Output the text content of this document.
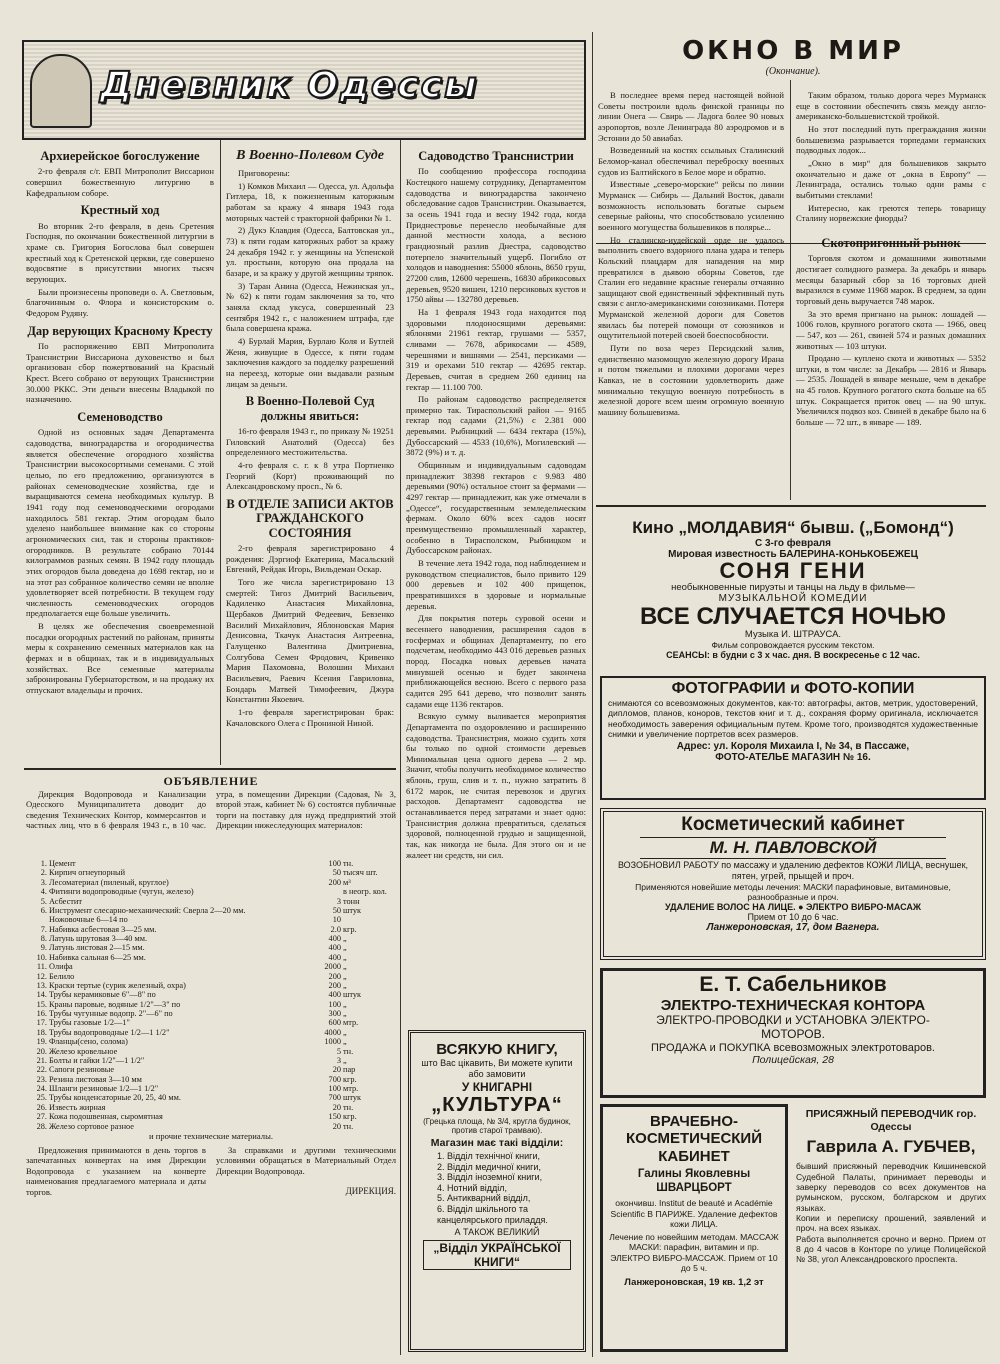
Дневник Одессы
Архиерейское богослужение
2-го февраля с/г. ЕВП Митрополит Виссарион совершил божественную литургию в Кафедральном соборе.
Крестный ход
Во вторник 2-го февраля, в день Сретения Господня, по окончании божественной литургии в храме св. Григория Богослова был совершен крестный ход к Сретенской церкви, где совершено водосвятие в присутствии многих тысяч верующих.
Были произнесены проповеди о. А. Светловым, благочинным о. Флора и консисторским о. Федором Рудяну.
Дар верующих Красному Кресту
По распоряжению ЕВП Митрополита Транснистрии Виссариона духовенство и был организован сбор пожертвований на Красный Крест. Всего собрано от верующих Транснистрии 30.000 РККС. Эти деньги внесены Владыкой по назначению.
Семеноводство
Одной из основных задач Департамента садоводства, виноградарства и огородничества является обеспечение огородного хозяйства Транснистрии высокосортными семенами. С этой целью, по его предложению, организуются в районах семеноводческие хозяйства, где и выращиваются семена необходимых культур. В 1941 году под семеноводческими огородами находилось 581 гектар. Этим огородам было уделено наибольшее внимание как со стороны агрономических сил, так и стороны практиков-огородников. В результате собрано 70144 килограммов разных семян. В 1942 году площадь этих огородов была доведена до 1698 гектар, но и на этот раз собранное количество семян не вполне удовлетворяет всей потребности. В текущем году численность семеноводческих огородов предполагается еще больше увеличить.
В целях же обеспечения своевременной посадки огородных растений по районам, приняты меры к сохранению семенных материалов как на фермах и в общинах, так и в индивидуальных хозяйствах. Все семенные материалы забронированы Губернаторством, и на продажу их отпускают владельцы и прочих.
В Военно-Полевом Суде
Приговорены:
1) Комков Михаил — Одесса, ул. Адольфа Гитлера, 18, к пожизненным каторжным работам за кражу 4 января 1943 года моторных частей с тракторной фабрики № 1.
2) Дукэ Клавдия (Одесса, Балтовская ул., 73) к пяти годам каторжных работ за кражу 24 декабря 1942 г. у женщины на Успенской ул. простыни, которую она продала на базаре, и за кражу у другой женщины тряпок.
3) Таран Анина (Одесса, Нежинская ул., № 62) к пяти годам заключения за то, что заняла склад уксуса, совершенный 23 сентября 1942 г., с наложением штрафа, где была совершена кража.
4) Бурлай Мария, Бурлаю Коля и Бутлей Женя, живущие в Одессе, к пяти годам заключения каждого за подделку разрешений на переезд, которые они выдавали разным лицам за деньги.
В Военно-Полевой Суд должны явиться:
16-го февраля 1943 г., по приказу № 19251 Гиловский Анатолий (Одесса) без определенного местожительства.
4-го февраля с. г. к 8 утра Портненко Георгий (Корт) проживающий по Александровскому просп., № 6.
В ОТДЕЛЕ ЗАПИСИ АКТОВ ГРАЖДАНСКОГО СОСТОЯНИЯ
2-го февраля зарегистрировано 4 рождения: Дэргиоф Екатерина, Масальский Евгений, Рейдак Игорь, Вильдеман Оскар.
Того же числа зарегистрировано 13 смертей: Тигоз Дмитрий Васильевич, Кадиленко Анастасия Михайловна, Щербаков Дмитрий Федеевич, Бевзенко Василий Михайлович, Яблоновская Мария Денисовна, Ткачук Анастасия Антреевна, Галущенко Валентина Дмитриевна, Солгубова Семен Фродович, Кривенко Мария Пахомовна, Волошин Михаил Васильевич, Раевич Ксения Гавриловна, Бондарь Матвей Тимофеевич, Джура Константин Якоевич.
1-го февраля зарегистрирован брак: Качаловского Олега с Прониной Ниной.
Садоводство Транснистрии
По сообщению профессора господина Костецкого нашему сотруднику, Департаментом садоводства и виноградарства закончено обследование садов Транснистрии. Оказывается, за осень 1941 года и весну 1942 года, когда Приднестровье перенесло необычайные для данной местности холода, а весною грандиозный разлив Днестра, садоводство потерпело значительный ущерб. Погибло от холодов и наводнения: 55000 яблонь, 8650 груш, 27200 слив, 12600 черешень, 16830 абрикосовых деревьев, 9520 вишен, 1210 персиковых кустов и 1750 айвы — 132780 деревьев.
На 1 февраля 1943 года находится под здоровыми плодоносящими деревьями: яблонями 21961 гектар, грушами — 5357, сливами — 7678, абрикосами — 4589, черешнями и вишнями — 2541, персиками — 319 и орехами 510 гектар — 42695 гектар. Деревьев, считая в среднем 260 единиц на гектар — 11.100 700.
По районам садоводство распределяется примерно так. Тираспольский район — 9165 гектар под садами (21,5%) с 2.381 000 деревьями. Рыбницкий — 6434 гектара (15%), Дубоссарский — 4533 (10,6%), Могилевский — 3872 (9%) и т. д.
Общинным и индивидуальным садоводам принадлежит 38398 гектаров с 9.983 480 деревьями (90%) остальное стоит за фермами — 4297 гектар — принадлежит, как уже отмечали в „Одессе“, государственным земледельческим фермам. Около 60% всех садов носят преимущественно промышленный характер, особенно в Тирасполском, Рыбницком и Дубоссарском районах.
В течение лета 1942 года, под наблюдением и руководством специалистов, было привито 129 000 деревьев и 102 400 прищепок, превратившихся в здоровые и нормальные деревья.
Для покрытия потерь суровой осени и весеннего наводнения, расширения садов в госфермах и общинах Департаменту, по его подсчетам, необходимо 443 016 деревьев разных пород. Посадка новых деревьев начата минувшей осенью и будет закончена приближающейся весною. Всего с первого раза садится 295 641 дерево, что позволит занять садами еще 1136 гектаров.
Всякую сумму выливается мероприятия Департамента по оздоровлению и расширению садоводства. Транснистрия, можно судить хотя бы только по одной стоимости деревьев Минимальная цена одного дерева — 2 мр. Значит, чтобы получить необходимое количество яблонь, груш, слив и т. п., нужно затратить 8 6172 марок, не считая перевозок и других расходов. Департамент садоводства не останавливается перед затратами и знает одно: Транснистрия должна превратиться, сделаться здоровой, полноценной грудью и защищенной, так, как никогда не была. Для этого он и не жалеет ни средств, ни сил.
ВСЯКУЮ КНИГУ,
што Вас цікавить, Ви можете купити або замовити
У КНИГАРНІ
„КУЛЬТУРА“
(Грецька площа, № 3/4, кругла будинок, против старої трамваю).
Магазин має такі відділи:
1. Відділ технічної книги,
2. Відділ медичної книги,
3. Відділ іноземної книги,
4. Нотний відділ,
5. Антикварний відділ,
6. Відділ шкільного та канцелярського приладдя.
А ТАКОЖ ВЕЛИКИЙ
„Відділ УКРАЇНСЬКОЇ КНИГИ“
ОКНО В МИР
(Окончание).
В последнее время перед настоящей войной Советы построили вдоль финской границы по линии Онега — Свирь — Ладога более 90 новых аэропортов, возле Ленинграда 80 аэродромов и в Эстонии до 50 авиабаз.
Возведенный на костях ссыльных Сталинский Беломор-канал обеспечивал переброску военных судов из Балтийского в Белое море и обратно.
Известные „северо-морские“ рейсы по линии Мурманск — Сибирь — Дальний Восток, давали возможность использовать богатые сырьем северные районы, что способствовало усилению военного могущества большевиков в полярье...
Но сталинско-иудейской орде не удалось выполнить своего вздорного плана удара и теперь Кольский плацдарм для нападения на мир превратился в дьявою оборны Советов, где Сталин его недавние красные генералы отчаянно защищают свой единственный эффективный путь связи с англо-американскими союзниками. Потеря Мурманской железной дороги для Советов явилась бы потерей помощи от союзников и ощутительной потерей своей боеспособности.
Пути по воза через Персидский залив, единственно мазомощую железную дорогу Ирана и потом тяжелыми и плохими дорогами через Кавказ, не в состоянии удовлетворить даже минимально текущую военную потребность в железной дороге всем шеим огромную военную машину большевизма.
Таким образом, только дорога через Мурманск еще в состоянии обеспечить связь между англо-американско-большевистской тройкой.
Но этот последний путь преграждания жизни большевизма разрывается торпедами германских подводных лодок...
„Окно в мир“ для большевиков закрыто окончательно и даже от „окна в Европу“ — Ленинграда, остались только одни рамы с выбитыми стеклами!
Интересно, как греются теперь товарищу Сталину норвежские фиорды?
Скотопригонный рынок
Торговля скотом и домашними животными достигает солидного размера. За декабрь и январь месяцы базарный сбор за 16 торговых дней выразился в сумме 11968 марок. В среднем, за один торговый день выручается 748 марок.
За это время пригнано на рынок: лошадей — 1006 голов, крупного рогатого скота — 1966, овец — 547, коз — 261, свиней 574 и разных домашних животных — 103 штуки.
Продано — куплено скота и животных — 5352 штуки, в том числе: за Декабрь — 2816 и Январь — 2535. Лошадей в январе меньше, чем в декабре на 45 голов. Крупного рогатого скота больше на 65 штук. Сокращается приток овец — на 90 штук. Увеличился подвоз коз. Свиней в декабре было на 6 больше — 72 шт., в январе — 189.
Кино „МОЛДАВИЯ“ бывш. („Бомонд“)
С 3-го февраля
Мировая известность БАЛЕРИНА-КОНЬКОБЕЖЕЦ
СОНЯ ГЕНИ
необыкновенные пируэты и танцы на льду в фильме—
МУЗЫКАЛЬНОЙ КОМЕДИИ
ВСЕ СЛУЧАЕТСЯ НОЧЬЮ
Музыка И. ШТРАУСА.
Фильм сопровождается русским текстом.
СЕАНСЫ: в будни с 3 х час. дня. В воскресенье с 12 час.
ФОТОГРАФИИ и ФОТО-КОПИИ
снимаются со всевозможных документов, как-то: автографы, актов, метрик, удостоверений, дипломов, планов, коноров, текстов книг и т. д., сохраняя форму оригинала, исключается необходимость заверения официальным путем. Кроме того, производятся художественные снимки и увеличение портретов всех размеров.
Адрес: ул. Короля Михаила I, № 34, в Пассаже,
ФОТО-АТЕЛЬЕ МАГАЗИН № 16.
Косметический кабинет
М. Н. ПАВЛОВСКОЙ
ВОЗОБНОВИЛ РАБОТУ по массажу и удалению дефектов КОЖИ ЛИЦА, веснушек, пятен, угрей, прыщей и проч.
Применяются новейшие методы лечения: МАСКИ парафиновые, витаминовые, разнообразные и проч.
УДАЛЕНИЕ ВОЛОС НА ЛИЦЕ. ● ЭЛЕКТРО ВИБРО-МАСАЖ
Прием от 10 до 6 час.
Ланжероновская, 17, дом Вагнера.
Е. Т. Сабельников
ЭЛЕКТРО-ТЕХНИЧЕСКАЯ КОНТОРА
ЭЛЕКТРО-ПРОВОДКИ и УСТАНОВКА ЭЛЕКТРО-МОТОРОВ.
ПРОДАЖА и ПОКУПКА всевозможных электротоваров.
Полицейская, 28
ВРАЧЕБНО-КОСМЕТИЧЕСКИЙ КАБИНЕТ
Галины Яковлевны ШВАРЦБОРТ
окончивш. Institut de beauté и Académie Scientific В ПАРИЖЕ. Удаление дефектов кожи ЛИЦА.
Лечение по новейшим методам. МАССАЖ МАСКИ: парафин, витамин и пр. ЭЛЕКТРО ВИБРО-МАССАЖ. Прием от 10 до 5 ч.
Ланжероновская, 19 кв. 1,2 эт
ПРИСЯЖНЫЙ ПЕРЕВОДЧИК гор. Одессы
Гаврила А. ГУБЧЕВ,
бывший присяжный переводчик Кишиневской Судебной Палаты, принимает переводы и заверку переводов со всех документов на румынском, русском, болгарском и других языках.
Копии и переписку прошений, заявлений и проч. на всех языках.
Работа выполняется срочно и верно. Прием от 8 до 4 часов в Конторе по улице Полицейской № 38, угол Александровского проспекта.
ОБЪЯВЛЕНИЕ
Дирекция Водопровода и Канализации Одесского Муниципалитета доводит до сведения Технических Контор, коммерсантов и частных лиц, что в 6 февраля 1943 г., в 10 час. утра, в помещении Дирекции (Садовая, № 3, второй этаж, кабинет № 6) состоятся публичные торги на поставку для нужд предприятий этой Дирекции нижеследующих материалов:
1.	Цемент	100	тн.
2.	Кирпич огнеупорный	50	тысяч шт.
3.	Лесоматериал (пиленый, круглое)	200	м³
4.	Фитинги водопроводные (чугун, железо)		в неогр. кол.
5.	Асбестит	3	тонн
6.	Инструмент слесарно-механический: Сверла 2—20 мм.	50	штук
	Ножовочные 6—14 по	10	
7.	Набивка асбестовая 3—25 мм.	2.0	кгр.
8.	Латунь шрутовая 3—40 мм.	400	„
9.	Латунь листовая 2—15 мм.	400	„
10.	Набивка сальная 6—25 мм.	400	„
11.	Олифа	2000	„
12.	Белило	200	„
13.	Краски тертые (сурик железный, охра)	200	„
14.	Трубы керамиковые 6"—8" по	400	штук
15.	Краны паровые, водяные 1/2"—3" по	100	„
16.	Трубы чугунные водопр. 2"—6" по	300	„
17.	Трубы газовые 1/2—1"	600	мтр.
18.	Трубы водопроводные 1/2—1 1/2"	4000	„
19.	Фланцы(сено, солома)	1000	„
20.	Железо кровельное	5	тн.
21.	Болты и гайки 1/2"—1 1/2"	3	„
22.	Сапоги резиновые	20	пар
23.	Резина листовая 3—10 мм	700	кгр.
24.	Шланги резиновые 1/2—1 1/2"	100	мтр.
25.	Трубы конденсаторные 20, 25, 40 мм.	700	штук
26.	Известь жирная	20	тн.
27.	Кожа подошвенная, сыромятная	150	кгр.
28.	Железо сортовое разное	20	тн.
и прочие технические материалы.
Предложения принимаются в день торгов в запечатанных конвертах на имя Дирекции Водопровода с указанием на конверте наименования предлагаемого материала и даты торгов.
За справками и другими техническими условиями обращаться в Материальный Отдел Дирекции Водопровода.
ДИРЕКЦИЯ.
